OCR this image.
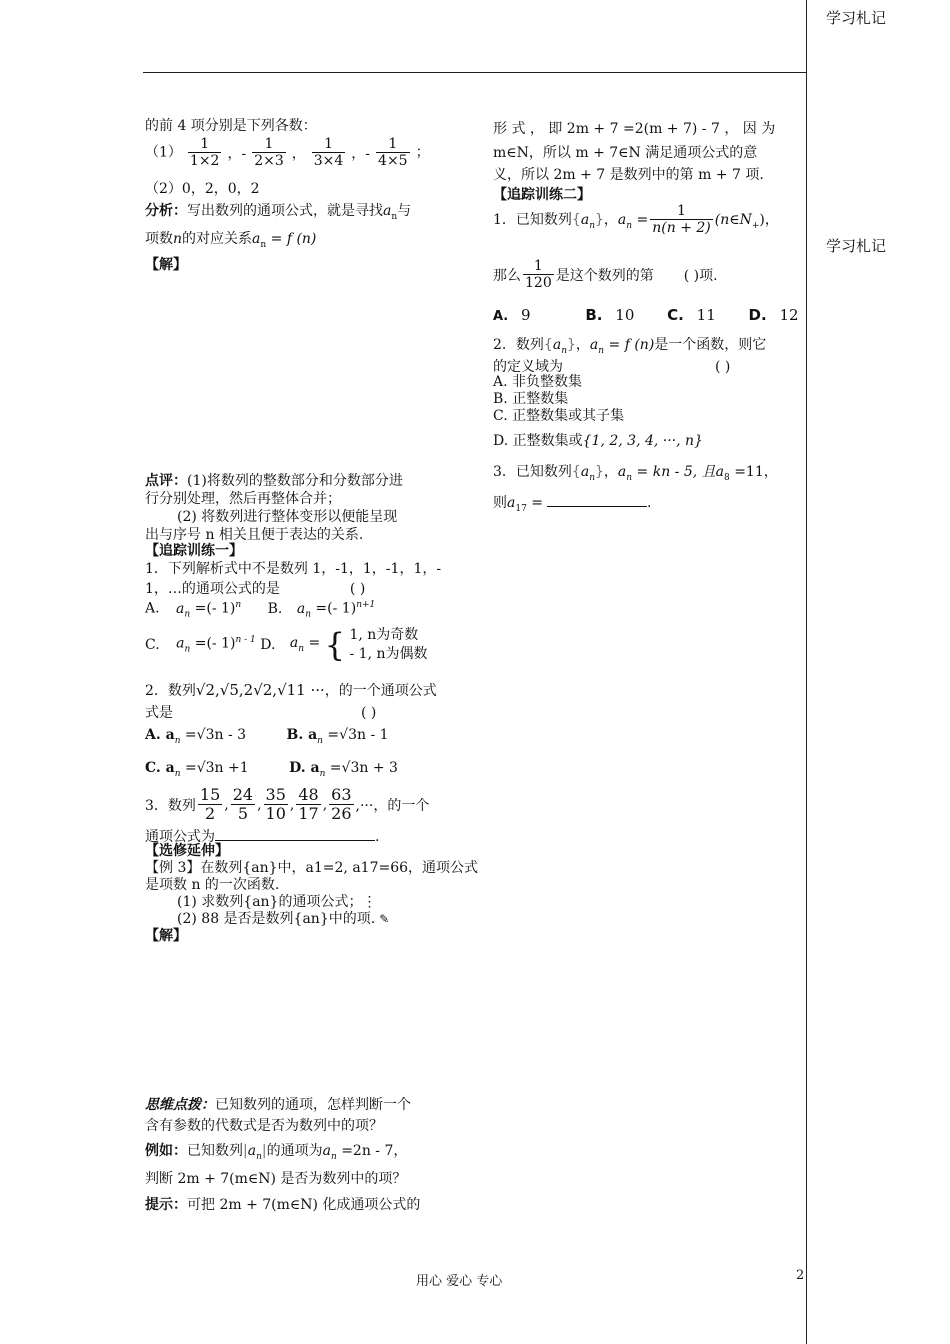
学习札记
学习札记
的前 4 项分别是下列各数：
$(1) \frac{1}{1\times 2}$ ，- $\frac{1}{2\times 3}$ ， $\frac{1}{3\times 4}$ ，- $\frac{1}{4\times 5}$ ；
（2）0，2，0，2
分析：写出数列的通项公式，就是寻找$a_n$与
项数n的对应关系$a_n = f$ (n)
【解】
点评：(1)将数列的整数部分和分数部分进
行分别处理，然后再整体合并；
(2) 将数列进行整体变形以便能呈现
出与序号 n 相关且便于表达的关系.
【追踪训练一】
1．下列解析式中不是数列 1，-1，1，-1，1，-
1，…的通项公式的是	( )
A. $a_n$ =(- 1)$^n$ B. $a_n$ =(- 1)$^{n+1}$
C. $a_n$ =(- 1)$^{n - 1}$ D. $a_n$ = { 1, n为奇数
- 1, n为偶数
2．数列√2,√5,2√2,√11 ···，的一个通项公式
式是	( )
A. $a_n =√3n - 3$	B. $a_n =√3n - 1$
C. $a_n =√3n +1$	D. $a_n =√3n + 3$
3．数列 $\frac{15}{2}$ , $\frac{24}{5}$ , $\frac{35}{10}$ , $\frac{48}{17}$ , $\frac{63}{26}$ ,···，的一个
通项公式为	.
【选修延伸】
【例 3】在数列{an}中，a1=2, a17=66，通项公式
是项数 n 的一次函数.
(1) 求数列{an}的通项公式；⋮
(2) 88 是否是数列{an}中的项. ✎
【解】
思维点拨：已知数列的通项，怎样判断一个
含有参数的代数式是否为数列中的项？
例如：已知数列$|a_n|$的通项为$a_n =2n - 7$，
判断 2m + 7(m∈N) 是否为数列中的项？
提示：可把 2m + 7(m∈N) 化成通项公式的
形 式 ， 即 2m + 7 =2(m + 7) - 7 ， 因 为
m∈N，所以 m + 7∈N 满足通项公式的意
义，所以 2m + 7 是数列中的第 m + 7 项.
【追踪训练二】
1．已知数列$\{a_n\}$，$a_n = \frac{1}{n(n + 2)}$ $(n\in N_+)$，
那么 $\frac{1}{120}$ 是这个数列的第 ( )项.
A. 9	B. 10 C. 11 D. 12
2．数列$\{a_n\}$，$a_n = f$ (n)是一个函数，则它
的定义域为	( )
A. 非负整数集
B. 正整数集
C. 正整数集或其子集
D. 正整数集或{1, 2, 3, 4, ···, n}
3．已知数列$\{a_n\}$，$a_n$ = kn - 5, 且$a_8 =11$，
则$a_{17}$ =	.
用心 爱心 专心	2
